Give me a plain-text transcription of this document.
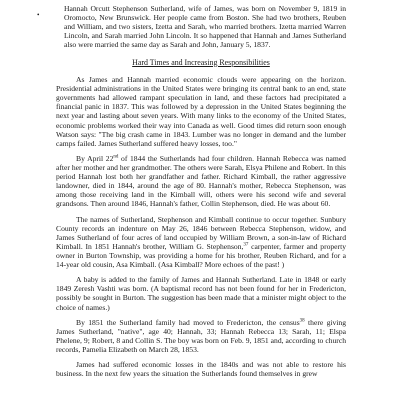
•

Hannah Orcutt Stephenson Sutherland, wife of James, was born on November 9, 1819 in Oromocto, New Brunswick. Her people came from Boston. She had two brothers, Reuben and William, and two sisters, Izetta and Sarah, who married brothers. Izetta married Warren Lincoln, and Sarah married John Lincoln. It so happened that Hannah and James Sutherland also were married the same day as Sarah and John, January 5, 1837.

Hard Times and Increasing Responsibilities

As James and Hannah married economic clouds were appearing on the horizon. Presidential administrations in the United States were bringing its central bank to an end, state governments had allowed rampant speculation in land, and these factors had precipitated a financial panic in 1837. This was followed by a depression in the United States beginning the next year and lasting about seven years. With many links to the economy of the United States, economic problems worked their way into Canada as well. Good times did return soon enough Watson says: "The big crash came in 1843. Lumber was no longer in demand and the lumber camps failed. James Sutherland suffered heavy losses, too."

By April 22nd of 1844 the Sutherlands had four children. Hannah Rebecca was named after her mother and her grandmother. The others were Sarah, Elsya Philene and Robert. In this period Hannah lost both her grandfather and father. Richard Kimball, the rather aggressive landowner, died in 1844, around the age of 80. Hannah's mother, Rebecca Stephenson, was among those receiving land in the Kimball will, others were his second wife and several grandsons. Then around 1846, Hannah's father, Collin Stephenson, died. He was about 60.

The names of Sutherland, Stephenson and Kimball continue to occur together. Sunbury County records an indenture on May 26, 1846 between Rebecca Stephenson, widow, and James Sutherland of four acres of land occupied by William Brown, a son-in-law of Richard Kimball. In 1851 Hannah's brother, William G. Stephenson,$^{37}$ carpenter, farmer and property owner in Burton Township, was providing a home for his brother, Reuben Richard, and for a 14-year old cousin, Asa Kimball. (Asa Kimball? More echoes of the past! )

A baby is added to the family of James and Hannah Sutherland. Late in 1848 or early 1849 Zeresh Vashti was born. (A baptismal record has not been found for her in Fredericton, possibly be sought in Burton. The suggestion has been made that a minister might object to the choice of names.)

By 1851 the Sutherland family had moved to Fredericton, the census$^{38}$ there giving James Sutherland, "native", age 40; Hannah, 33; Hannah Rebecca 13; Sarah, 11; Elspa Phelene, 9; Robert, 8 and Collin S. The boy was born on Feb. 9, 1851 and, according to church records, Pamelia Elizabeth on March 28, 1853.

James had suffered economic losses in the 1840s and was not able to restore his business. In the next few years the situation the Sutherlands found themselves in grew
